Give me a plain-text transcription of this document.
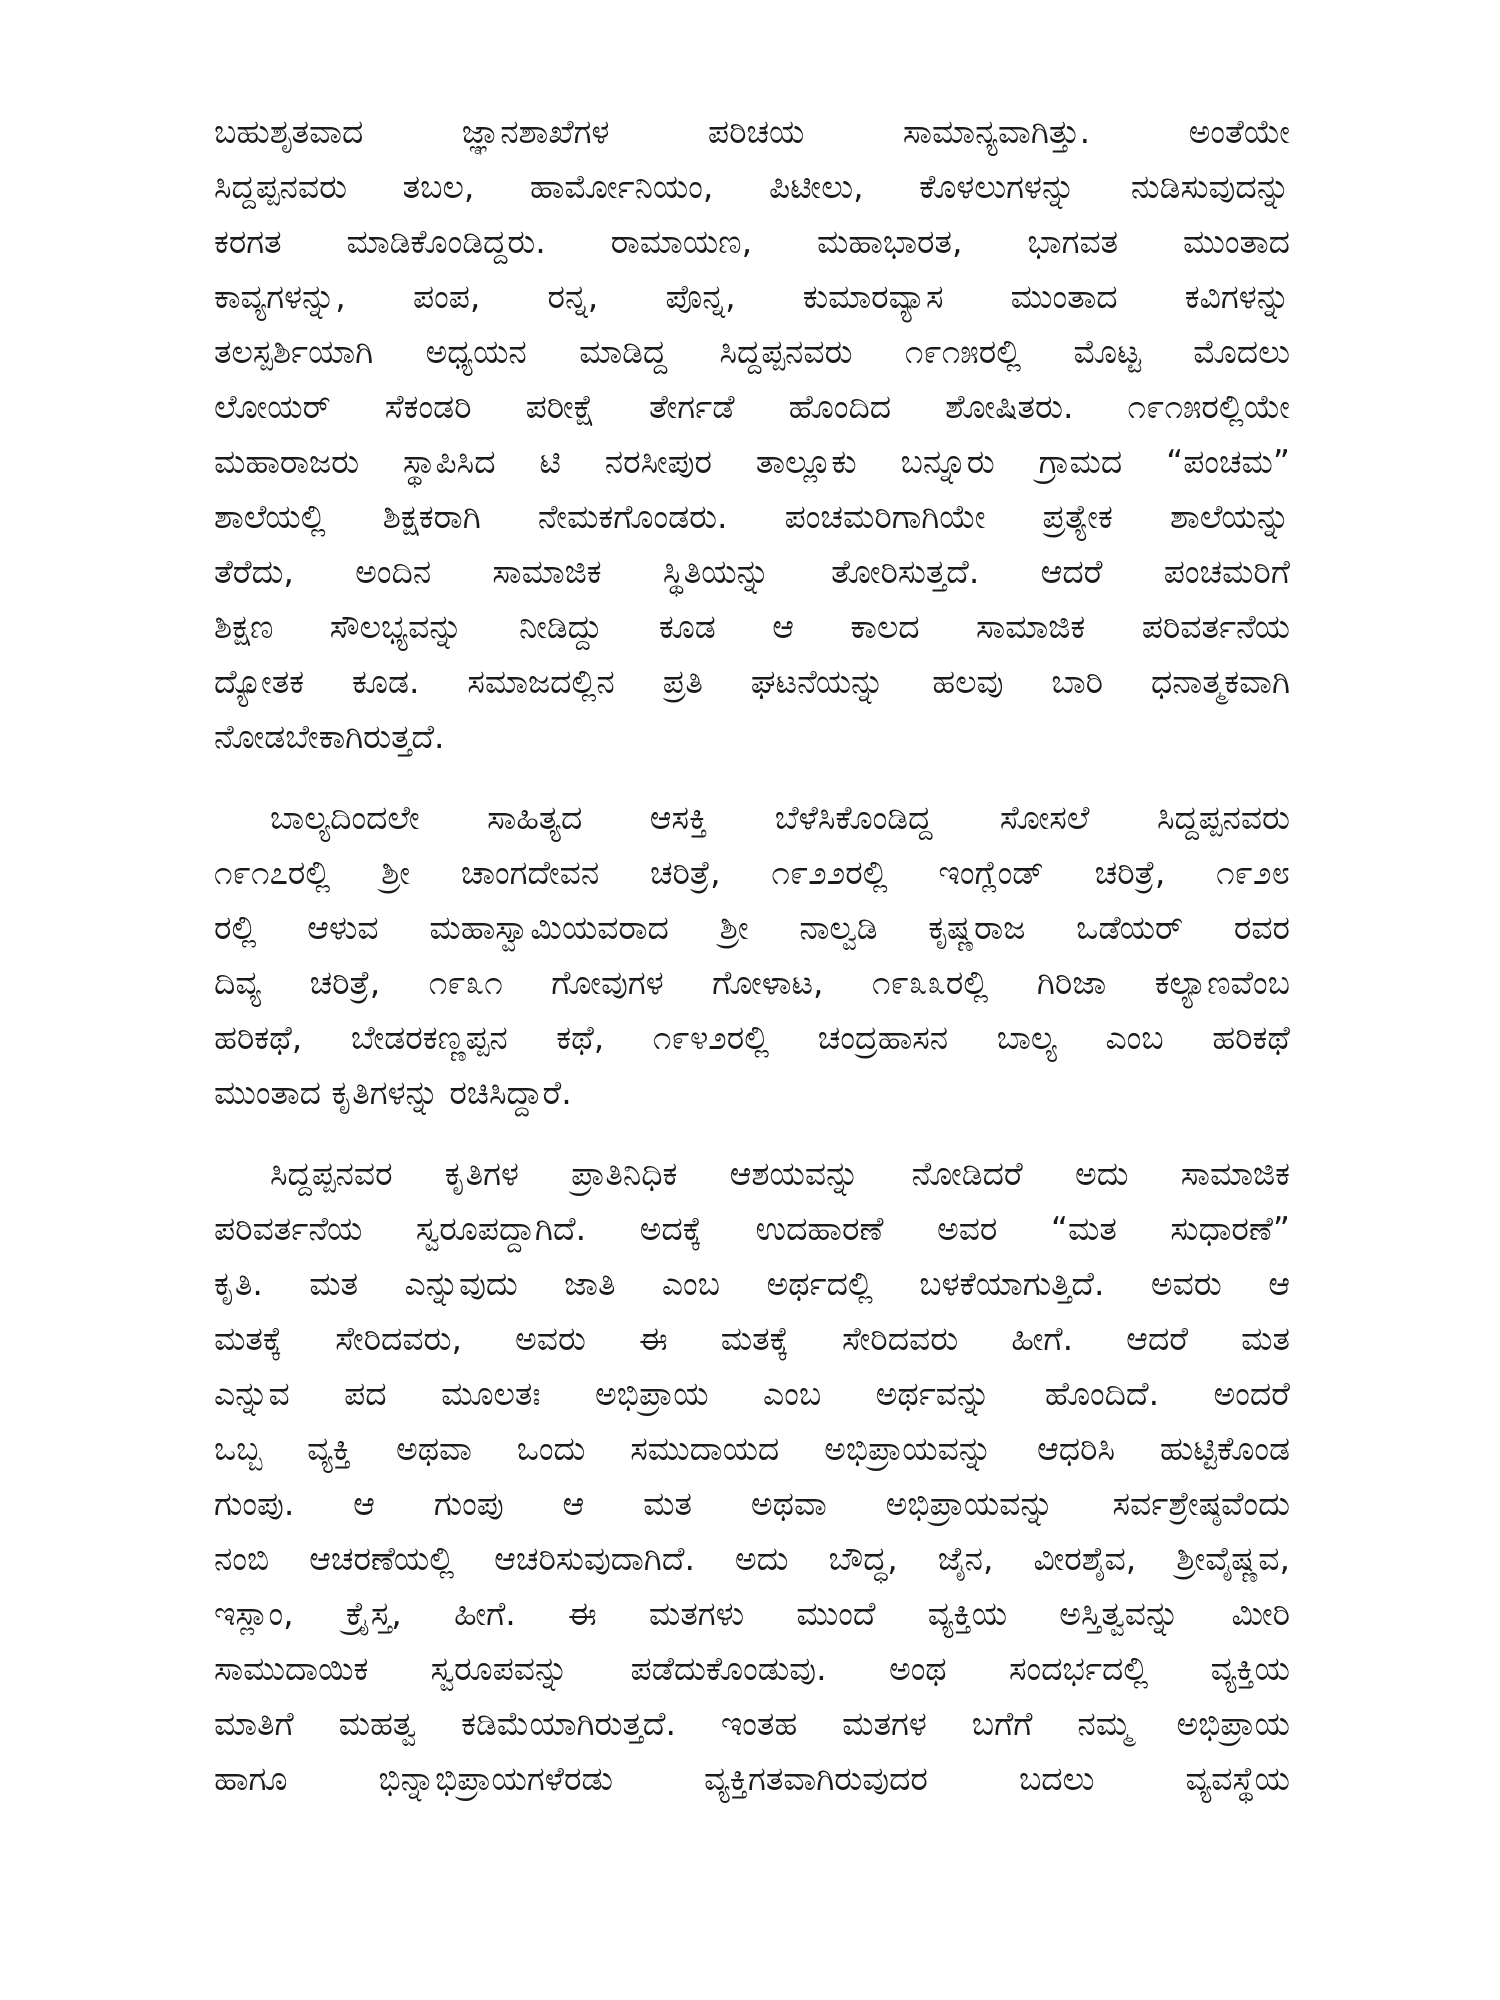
ಬಹುಶೃತವಾದ ಜ್ಞಾನಶಾಖೆಗಳ ಪರಿಚಯ ಸಾಮಾನ್ಯವಾಗಿತ್ತು. ಅಂತೆಯೇ
ಸಿದ್ದಪ್ಪನವರು ತಬಲ, ಹಾರ್ಮೋನಿಯಂ, ಪಿಟೀಲು, ಕೊಳಲುಗಳನ್ನು ನುಡಿಸುವುದನ್ನು
ಕರಗತ ಮಾಡಿಕೊಂಡಿದ್ದರು. ರಾಮಾಯಣ, ಮಹಾಭಾರತ, ಭಾಗವತ ಮುಂತಾದ
ಕಾವ್ಯಗಳನ್ನು, ಪಂಪ, ರನ್ನ, ಪೊನ್ನ, ಕುಮಾರವ್ಯಾಸ ಮುಂತಾದ ಕವಿಗಳನ್ನು
ತಲಸ್ಪರ್ಶಿಯಾಗಿ ಅಧ್ಯಯನ ಮಾಡಿದ್ದ ಸಿದ್ದಪ್ಪನವರು ೧೯೧೫ರಲ್ಲಿ ಮೊಟ್ಟ ಮೊದಲು
ಲೋಯರ್ ಸೆಕಂಡರಿ ಪರೀಕ್ಷೆ ತೇರ್ಗಡೆ ಹೊಂದಿದ ಶೋಷಿತರು. ೧೯೧೫ರಲ್ಲಿಯೇ
ಮಹಾರಾಜರು ಸ್ಥಾಪಿಸಿದ ಟಿ ನರಸೀಪುರ ತಾಲ್ಲೂಕು ಬನ್ನೂರು ಗ್ರಾಮದ “ಪಂಚಮ”
ಶಾಲೆಯಲ್ಲಿ ಶಿಕ್ಷಕರಾಗಿ ನೇಮಕಗೊಂಡರು. ಪಂಚಮರಿಗಾಗಿಯೇ ಪ್ರತ್ಯೇಕ ಶಾಲೆಯನ್ನು
ತೆರೆದು, ಅಂದಿನ ಸಾಮಾಜಿಕ ಸ್ಥಿತಿಯನ್ನು ತೋರಿಸುತ್ತದೆ. ಆದರೆ ಪಂಚಮರಿಗೆ
ಶಿಕ್ಷಣ ಸೌಲಭ್ಯವನ್ನು ನೀಡಿದ್ದು ಕೂಡ ಆ ಕಾಲದ ಸಾಮಾಜಿಕ ಪರಿವರ್ತನೆಯ
ದ್ಯೋತಕ ಕೂಡ. ಸಮಾಜದಲ್ಲಿನ ಪ್ರತಿ ಘಟನೆಯನ್ನು ಹಲವು ಬಾರಿ ಧನಾತ್ಮಕವಾಗಿ
ನೋಡಬೇಕಾಗಿರುತ್ತದೆ.
ಬಾಲ್ಯದಿಂದಲೇ ಸಾಹಿತ್ಯದ ಆಸಕ್ತಿ ಬೆಳೆಸಿಕೊಂಡಿದ್ದ ಸೋಸಲೆ ಸಿದ್ದಪ್ಪನವರು
೧೯೧೭ರಲ್ಲಿ ಶ್ರೀ ಚಾಂಗದೇವನ ಚರಿತ್ರೆ, ೧೯೨೨ರಲ್ಲಿ ಇಂಗ್ಲೆಂಡ್ ಚರಿತ್ರೆ, ೧೯೨೮
ರಲ್ಲಿ ಆಳುವ ಮಹಾಸ್ವಾಮಿಯವರಾದ ಶ್ರೀ ನಾಲ್ವಡಿ ಕೃಷ್ಣರಾಜ ಒಡೆಯರ್ ರವರ
ದಿವ್ಯ ಚರಿತ್ರೆ, ೧೯೩೧ ಗೋವುಗಳ ಗೋಳಾಟ, ೧೯೩೩ರಲ್ಲಿ ಗಿರಿಜಾ ಕಲ್ಯಾಣವೆಂಬ
ಹರಿಕಥೆ, ಬೇಡರಕಣ್ಣಪ್ಪನ ಕಥೆ, ೧೯೪೨ರಲ್ಲಿ ಚಂದ್ರಹಾಸನ ಬಾಲ್ಯ ಎಂಬ ಹರಿಕಥೆ
ಮುಂತಾದ ಕೃತಿಗಳನ್ನು ರಚಿಸಿದ್ದಾರೆ.
ಸಿದ್ದಪ್ಪನವರ ಕೃತಿಗಳ ಪ್ರಾತಿನಿಧಿಕ ಆಶಯವನ್ನು ನೋಡಿದರೆ ಅದು ಸಾಮಾಜಿಕ
ಪರಿವರ್ತನೆಯ ಸ್ವರೂಪದ್ದಾಗಿದೆ. ಅದಕ್ಕೆ ಉದಹಾರಣೆ ಅವರ “ಮತ ಸುಧಾರಣೆ”
ಕೃತಿ. ಮತ ಎನ್ನುವುದು ಜಾತಿ ಎಂಬ ಅರ್ಥದಲ್ಲಿ ಬಳಕೆಯಾಗುತ್ತಿದೆ. ಅವರು ಆ
ಮತಕ್ಕೆ ಸೇರಿದವರು, ಅವರು ಈ ಮತಕ್ಕೆ ಸೇರಿದವರು ಹೀಗೆ. ಆದರೆ ಮತ
ಎನ್ನುವ ಪದ ಮೂಲತಃ ಅಭಿಪ್ರಾಯ ಎಂಬ ಅರ್ಥವನ್ನು ಹೊಂದಿದೆ. ಅಂದರೆ
ಒಬ್ಬ ವ್ಯಕ್ತಿ ಅಥವಾ ಒಂದು ಸಮುದಾಯದ ಅಭಿಪ್ರಾಯವನ್ನು ಆಧರಿಸಿ ಹುಟ್ಟಿಕೊಂಡ
ಗುಂಪು. ಆ ಗುಂಪು ಆ ಮತ ಅಥವಾ ಅಭಿಪ್ರಾಯವನ್ನು ಸರ್ವಶ್ರೇಷ್ಠವೆಂದು
ನಂಬಿ ಆಚರಣೆಯಲ್ಲಿ ಆಚರಿಸುವುದಾಗಿದೆ. ಅದು ಬೌದ್ಧ, ಜೈನ, ವೀರಶೈವ, ಶ್ರೀವೈಷ್ಣವ,
ಇಸ್ಲಾಂ, ಕ್ರೈಸ್ತ, ಹೀಗೆ. ಈ ಮತಗಳು ಮುಂದೆ ವ್ಯಕ್ತಿಯ ಅಸ್ತಿತ್ವವನ್ನು ಮೀರಿ
ಸಾಮುದಾಯಿಕ ಸ್ವರೂಪವನ್ನು ಪಡೆದುಕೊಂಡುವು. ಅಂಥ ಸಂದರ್ಭದಲ್ಲಿ ವ್ಯಕ್ತಿಯ
ಮಾತಿಗೆ ಮಹತ್ವ ಕಡಿಮೆಯಾಗಿರುತ್ತದೆ. ಇಂತಹ ಮತಗಳ ಬಗೆಗೆ ನಮ್ಮ ಅಭಿಪ್ರಾಯ
ಹಾಗೂ ಭಿನ್ನಾಭಿಪ್ರಾಯಗಳೆರಡು ವ್ಯಕ್ತಿಗತವಾಗಿರುವುದರ ಬದಲು ವ್ಯವಸ್ಥೆಯ
